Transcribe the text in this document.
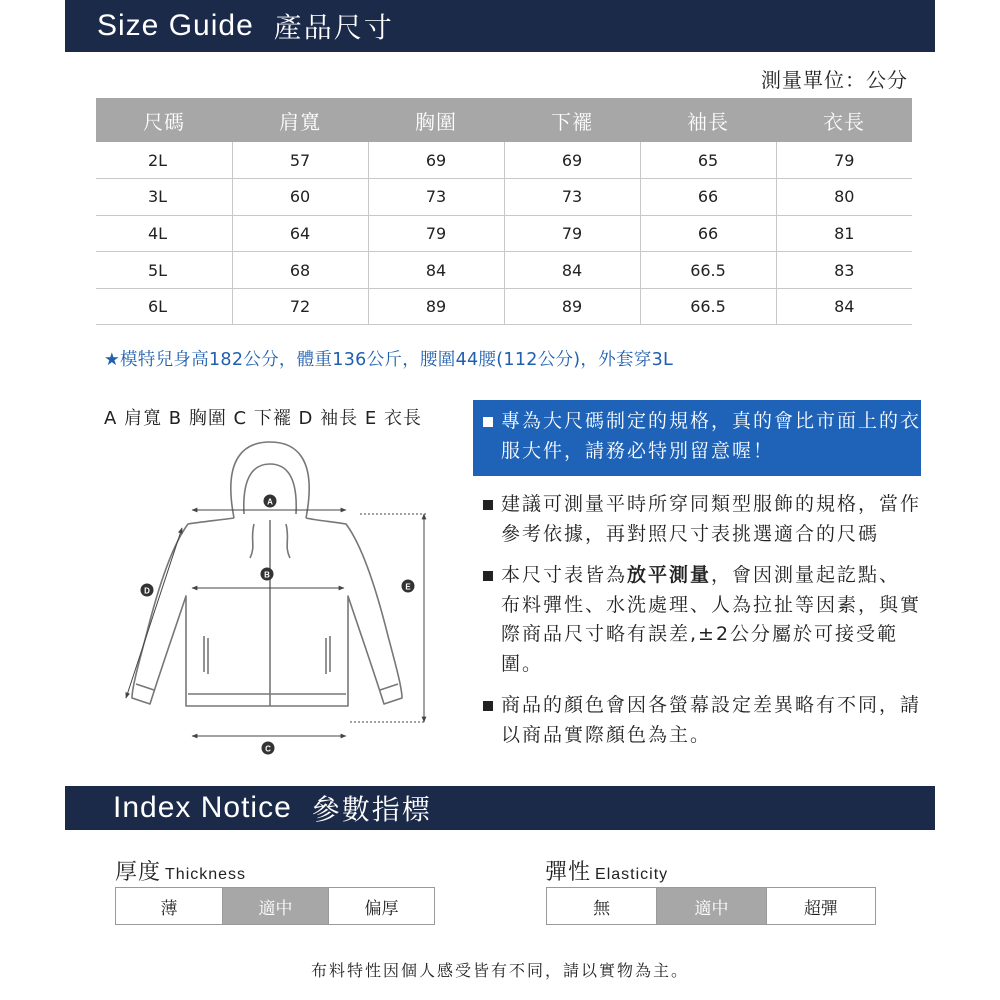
Size Guide 產品尺寸
測量單位：公分
尺碼	肩寬	胸圍	下襬	袖長	衣長
2L	57	69	69	65	79
3L	60	73	73	66	80
4L	64	79	79	66	81
5L	68	84	84	66.5	83
6L	72	89	89	66.5	84
★模特兒身高182公分，體重136公斤，腰圍44腰(112公分)，外套穿3L
A 肩寬 B 胸圍 C 下襬 D 袖長 E 衣長
A
B
C
D	E
專為大尺碼制定的規格，真的會比市面上的衣服大件，請務必特別留意喔！
建議可測量平時所穿同類型服飾的規格，當作參考依據，再對照尺寸表挑選適合的尺碼
本尺寸表皆為放平測量，會因測量起訖點、布料彈性、水洗處理、人為拉扯等因素，與實際商品尺寸略有誤差,±2公分屬於可接受範圍。
商品的顏色會因各螢幕設定差異略有不同，請以商品實際顏色為主。
Index Notice 參數指標
厚度 Thickness
薄	適中	偏厚
彈性 Elasticity
無	適中	超彈
布料特性因個人感受皆有不同，請以實物為主。
